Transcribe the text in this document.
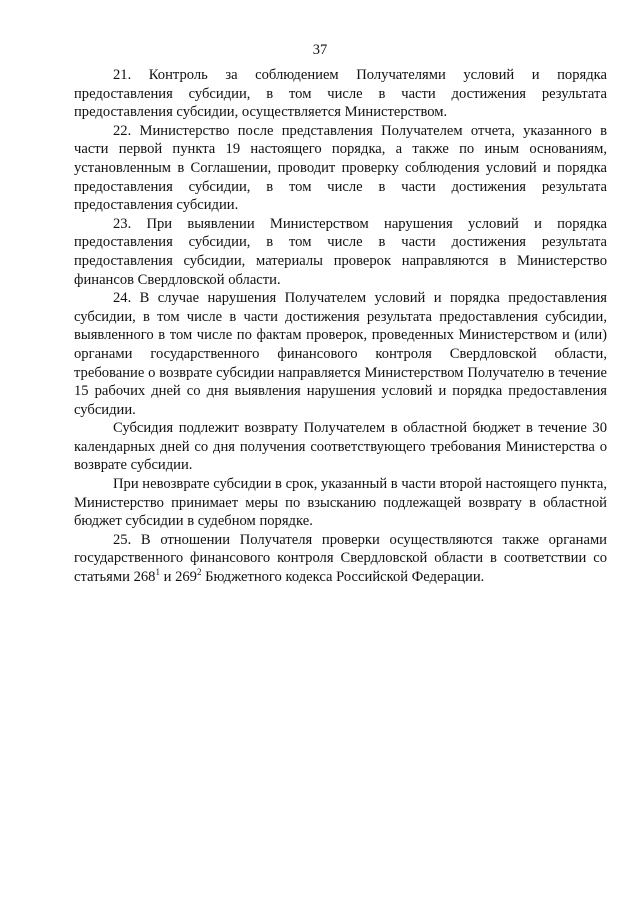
37

21. Контроль за соблюдением Получателями условий и порядка предоставления субсидии, в том числе в части достижения результата предоставления субсидии, осуществляется Министерством.

22. Министерство после представления Получателем отчета, указанного в части первой пункта 19 настоящего порядка, а также по иным основаниям, установленным в Соглашении, проводит проверку соблюдения условий и порядка предоставления субсидии, в том числе в части достижения результата предоставления субсидии.

23. При выявлении Министерством нарушения условий и порядка предоставления субсидии, в том числе в части достижения результата предоставления субсидии, материалы проверок направляются в Министерство финансов Свердловской области.

24. В случае нарушения Получателем условий и порядка предоставления субсидии, в том числе в части достижения результата предоставления субсидии, выявленного в том числе по фактам проверок, проведенных Министерством и (или) органами государственного финансового контроля Свердловской области, требование о возврате субсидии направляется Министерством Получателю в течение 15 рабочих дней со дня выявления нарушения условий и порядка предоставления субсидии.

Субсидия подлежит возврату Получателем в областной бюджет в течение 30 календарных дней со дня получения соответствующего требования Министерства о возврате субсидии.

При невозврате субсидии в срок, указанный в части второй настоящего пункта, Министерство принимает меры по взысканию подлежащей возврату в областной бюджет субсидии в судебном порядке.

25. В отношении Получателя проверки осуществляются также органами государственного финансового контроля Свердловской области в соответствии со статьями $268^1$ и $269^2$ Бюджетного кодекса Российской Федерации.
